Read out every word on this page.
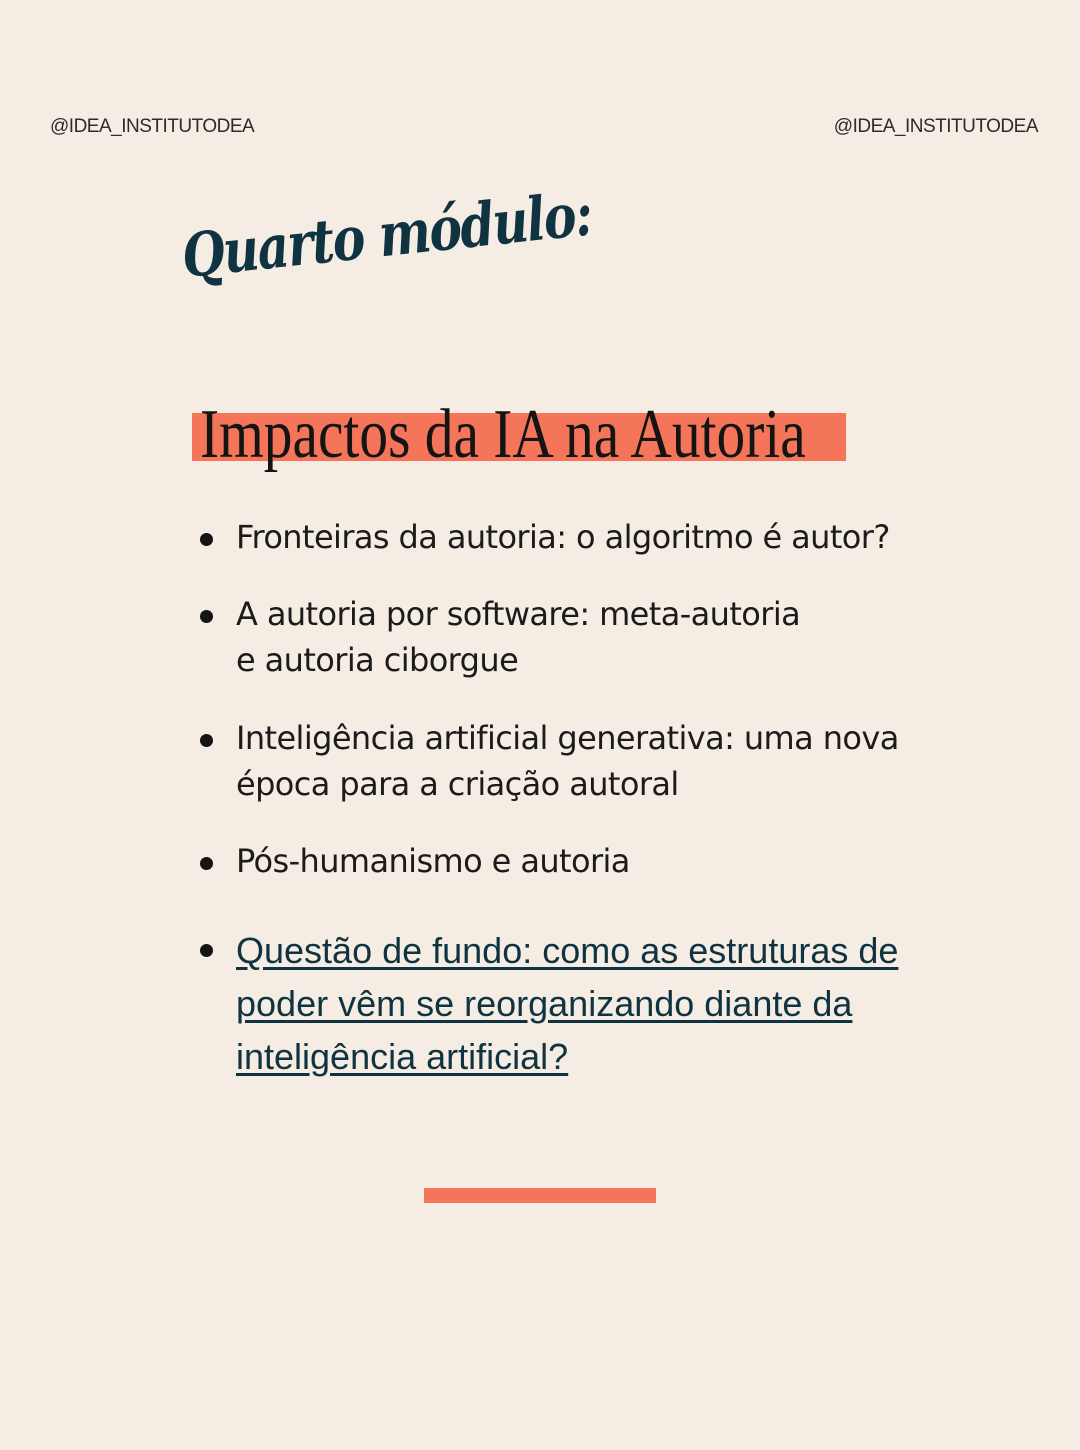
@IDEA_INSTITUTODEA	@IDEA_INSTITUTODEA
Quarto módulo:
Impactos da IA na Autoria
Fronteiras da autoria: o algoritmo é autor?
A autoria por software: meta-autoria
e autoria ciborgue
Inteligência artificial generativa: uma nova
época para a criação autoral
Pós-humanismo e autoria
Questão de fundo: como as estruturas de
poder vêm se reorganizando diante da
inteligência artificial?
